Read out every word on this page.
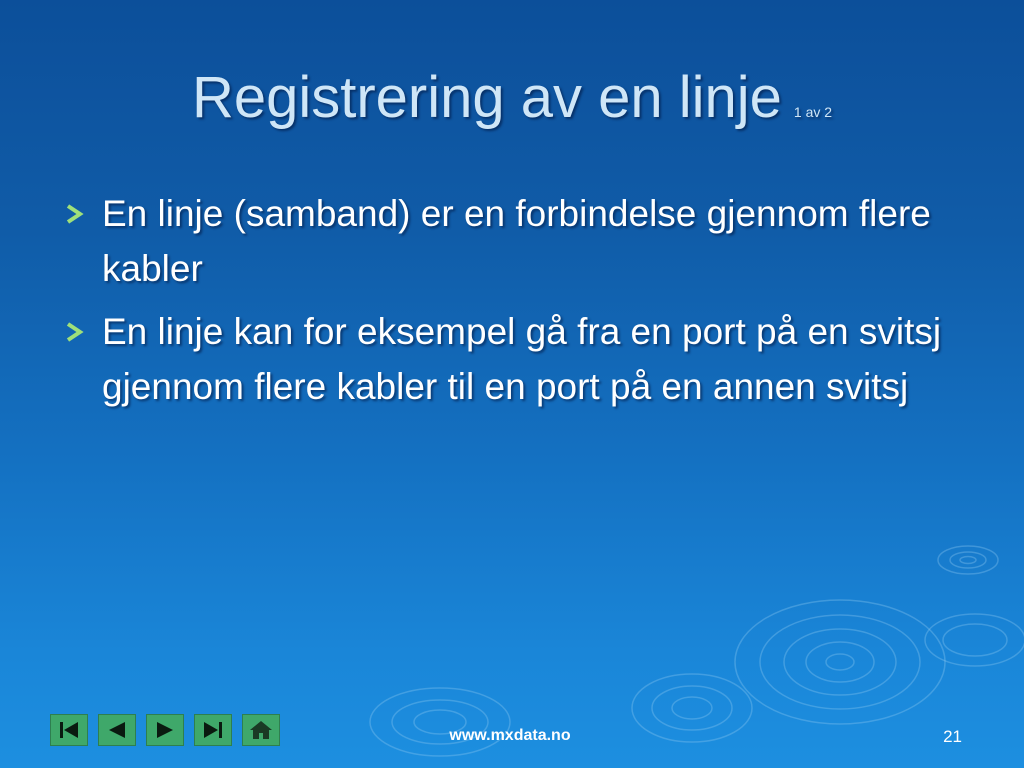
Registrering av en linje 1 av 2
En linje (samband) er en forbindelse gjennom flere kabler
En linje kan for eksempel gå fra en port på en svitsj gjennom flere kabler til en port på en annen svitsj
www.mxdata.no	21
